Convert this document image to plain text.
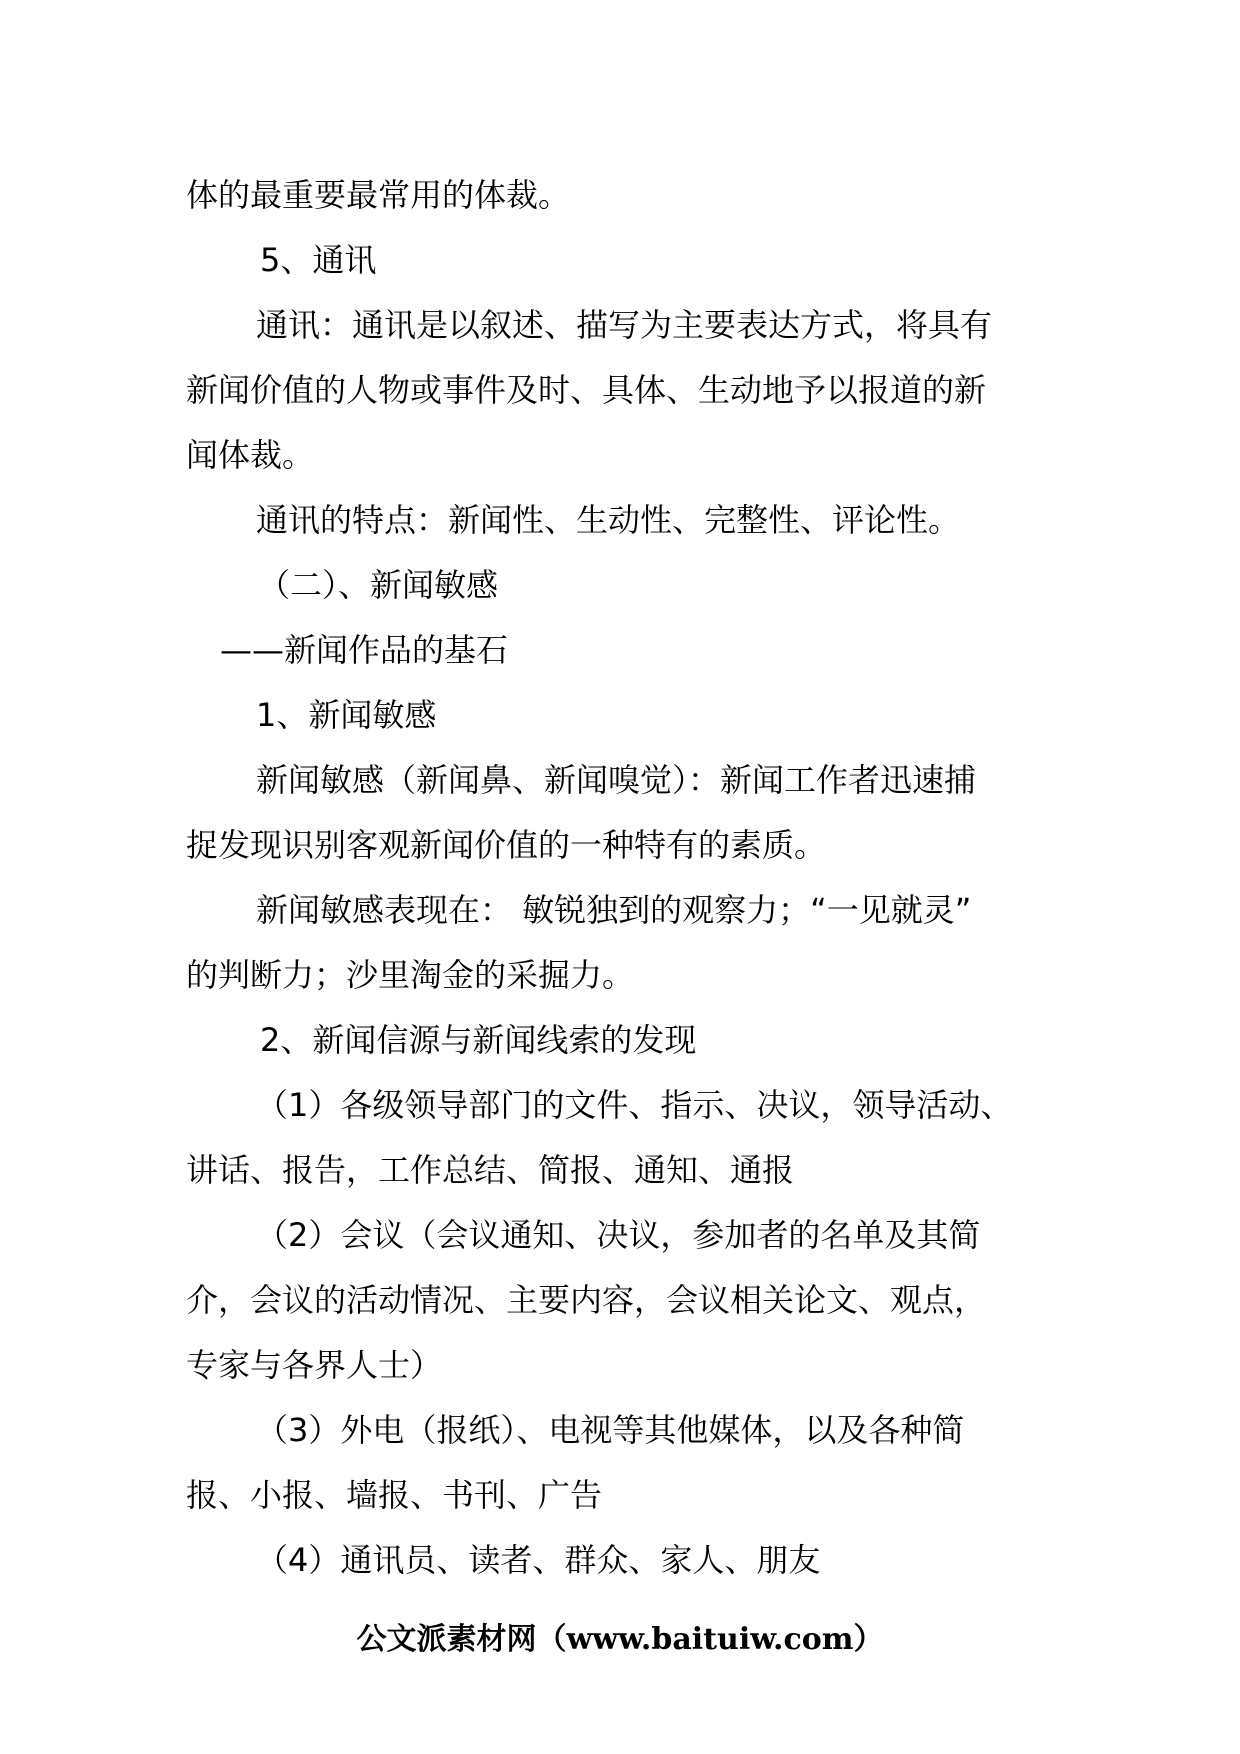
体的最重要最常用的体裁。
5、通讯
通讯：通讯是以叙述、描写为主要表达方式，将具有
新闻价值的人物或事件及时、具体、生动地予以报道的新
闻体裁。
通讯的特点：新闻性、生动性、完整性、评论性。
（二）、新闻敏感
——新闻作品的基石
1、新闻敏感
新闻敏感（新闻鼻、新闻嗅觉）：新闻工作者迅速捕
捉发现识别客观新闻价值的一种特有的素质。
新闻敏感表现在： 敏锐独到的观察力；“一见就灵”
的判断力；沙里淘金的采掘力。
2、新闻信源与新闻线索的发现
（1）各级领导部门的文件、指示、决议，领导活动、
讲话、报告，工作总结、简报、通知、通报
（2）会议（会议通知、决议，参加者的名单及其简
介，会议的活动情况、主要内容，会议相关论文、观点，
专家与各界人士）
（3）外电（报纸）、电视等其他媒体，以及各种简
报、小报、墙报、书刊、广告
（4）通讯员、读者、群众、家人、朋友
公文派素材网（www.baituiw.com）
